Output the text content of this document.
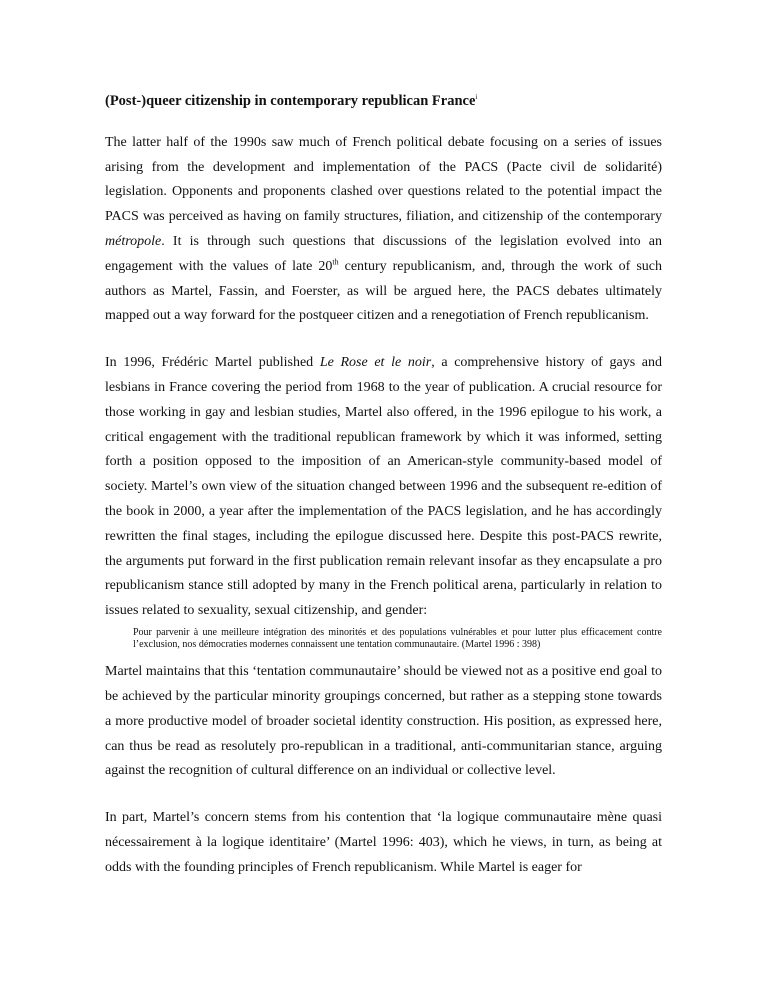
(Post-)queer citizenship in contemporary republican France$^i$

The latter half of the 1990s saw much of French political debate focusing on a series of issues arising from the development and implementation of the PACS (Pacte civil de solidarité) legislation. Opponents and proponents clashed over questions related to the potential impact the PACS was perceived as having on family structures, filiation, and citizenship of the contemporary métropole. It is through such questions that discussions of the legislation evolved into an engagement with the values of late 20th century republicanism, and, through the work of such authors as Martel, Fassin, and Foerster, as will be argued here, the PACS debates ultimately mapped out a way forward for the postqueer citizen and a renegotiation of French republicanism.

In 1996, Frédéric Martel published Le Rose et le noir, a comprehensive history of gays and lesbians in France covering the period from 1968 to the year of publication. A crucial resource for those working in gay and lesbian studies, Martel also offered, in the 1996 epilogue to his work, a critical engagement with the traditional republican framework by which it was informed, setting forth a position opposed to the imposition of an American-style community-based model of society. Martel’s own view of the situation changed between 1996 and the subsequent re-edition of the book in 2000, a year after the implementation of the PACS legislation, and he has accordingly rewritten the final stages, including the epilogue discussed here. Despite this post-PACS rewrite, the arguments put forward in the first publication remain relevant insofar as they encapsulate a pro republicanism stance still adopted by many in the French political arena, particularly in relation to issues related to sexuality, sexual citizenship, and gender:

Pour parvenir à une meilleure intégration des minorités et des populations vulnérables et pour lutter plus efficacement contre l’exclusion, nos démocraties modernes connaissent une tentation communautaire. (Martel 1996 : 398)

Martel maintains that this ‘tentation communautaire’ should be viewed not as a positive end goal to be achieved by the particular minority groupings concerned, but rather as a stepping stone towards a more productive model of broader societal identity construction. His position, as expressed here, can thus be read as resolutely pro-republican in a traditional, anti-communitarian stance, arguing against the recognition of cultural difference on an individual or collective level.

In part, Martel’s concern stems from his contention that ‘la logique communautaire mène quasi nécessairement à la logique identitaire’ (Martel 1996: 403), which he views, in turn, as being at odds with the founding principles of French republicanism. While Martel is eager for
